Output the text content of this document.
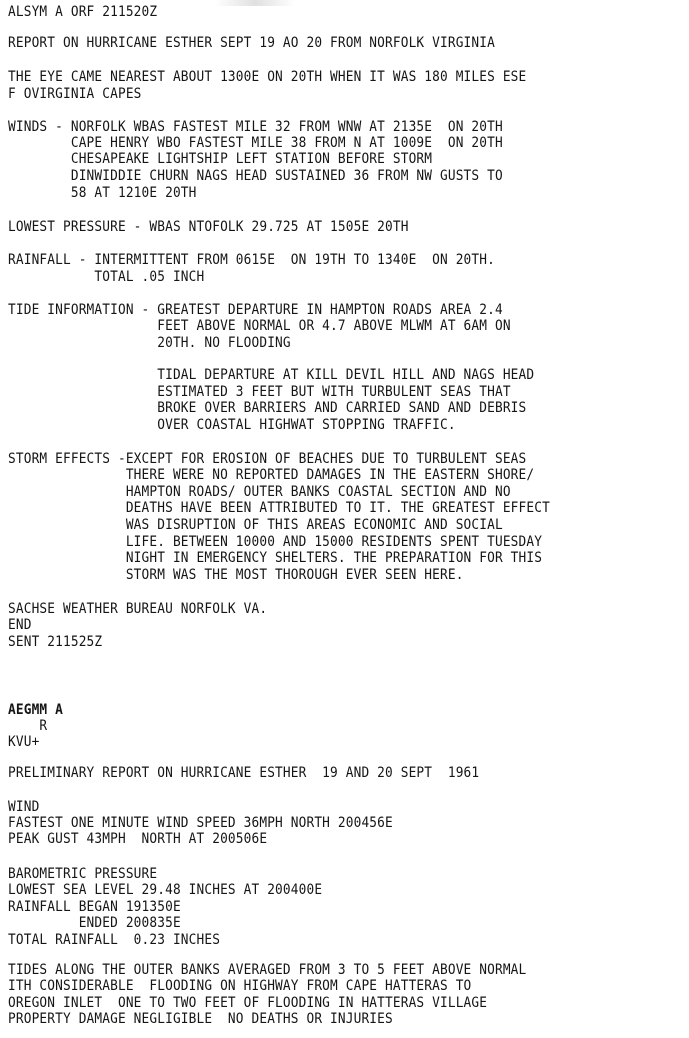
ALSYM A ORF 211520Z

REPORT ON HURRICANE ESTHER SEPT 19 AO 20 FROM NORFOLK VIRGINIA

THE EYE CAME NEAREST ABOUT 1300E ON 20TH WHEN IT WAS 180 MILES ESE

F OVIRGINIA CAPES

WINDS - NORFOLK WBAS FASTEST MILE 32 FROM WNW AT 2135E  ON 20TH

CAPE HENRY WBO FASTEST MILE 38 FROM N AT 1009E  ON 20TH

CHESAPEAKE LIGHTSHIP LEFT STATION BEFORE STORM

DINWIDDIE CHURN NAGS HEAD SUSTAINED 36 FROM NW GUSTS TO

58 AT 1210E 20TH

LOWEST PRESSURE - WBAS NTOFOLK 29.725 AT 1505E 20TH

RAINFALL - INTERMITTENT FROM 0615E  ON 19TH TO 1340E  ON 20TH.

TOTAL .05 INCH

TIDE INFORMATION - GREATEST DEPARTURE IN HAMPTON ROADS AREA 2.4

FEET ABOVE NORMAL OR 4.7 ABOVE MLWM AT 6AM ON

20TH. NO FLOODING

TIDAL DEPARTURE AT KILL DEVIL HILL AND NAGS HEAD

ESTIMATED 3 FEET BUT WITH TURBULENT SEAS THAT

BROKE OVER BARRIERS AND CARRIED SAND AND DEBRIS

OVER COASTAL HIGHWAT STOPPING TRAFFIC.

STORM EFFECTS -EXCEPT FOR EROSION OF BEACHES DUE TO TURBULENT SEAS

THERE WERE NO REPORTED DAMAGES IN THE EASTERN SHORE/

HAMPTON ROADS/ OUTER BANKS COASTAL SECTION AND NO

DEATHS HAVE BEEN ATTRIBUTED TO IT. THE GREATEST EFFECT

WAS DISRUPTION OF THIS AREAS ECONOMIC AND SOCIAL

LIFE. BETWEEN 10000 AND 15000 RESIDENTS SPENT TUESDAY

NIGHT IN EMERGENCY SHELTERS. THE PREPARATION FOR THIS

STORM WAS THE MOST THOROUGH EVER SEEN HERE.

SACHSE WEATHER BUREAU NORFOLK VA.

END

SENT 211525Z

AEGMM A

R

KVU+

PRELIMINARY REPORT ON HURRICANE ESTHER  19 AND 20 SEPT  1961

WIND

FASTEST ONE MINUTE WIND SPEED 36MPH NORTH 200456E

PEAK GUST 43MPH  NORTH AT 200506E

BAROMETRIC PRESSURE

LOWEST SEA LEVEL 29.48 INCHES AT 200400E

RAINFALL BEGAN 191350E

ENDED 200835E

TOTAL RAINFALL  0.23 INCHES

TIDES ALONG THE OUTER BANKS AVERAGED FROM 3 TO 5 FEET ABOVE NORMAL

ITH CONSIDERABLE  FLOODING ON HIGHWAY FROM CAPE HATTERAS TO

OREGON INLET  ONE TO TWO FEET OF FLOODING IN HATTERAS VILLAGE

PROPERTY DAMAGE NEGLIGIBLE  NO DEATHS OR INJURIES
